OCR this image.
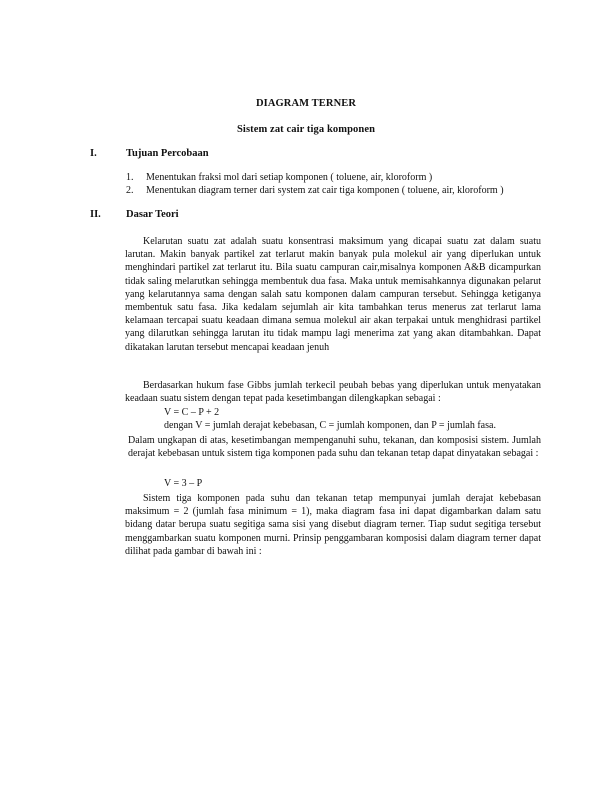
DIAGRAM TERNER
Sistem zat cair tiga komponen
I.	Tujuan Percobaan
1. Menentukan fraksi mol dari setiap komponen ( toluene, air, kloroform )
2. Menentukan diagram terner dari system zat cair tiga komponen ( toluene, air, kloroform )
II. Dasar Teori

Kelarutan suatu zat adalah suatu konsentrasi maksimum yang dicapai suatu zat dalam suatu larutan. Makin banyak partikel zat terlarut makin banyak pula molekul air yang diperlukan untuk menghindari partikel zat terlarut itu. Bila suatu campuran cair,misalnya komponen A&B dicampurkan tidak saling melarutkan sehingga membentuk dua fasa. Maka untuk memisahkannya digunakan pelarut yang kelarutannya sama dengan salah satu komponen dalam campuran tersebut. Sehingga ketiganya membentuk satu fasa. Jika kedalam sejumlah air kita tambahkan terus menerus zat terlarut lama kelamaan tercapai suatu keadaan dimana semua molekul air akan terpakai untuk menghidrasi partikel yang dilarutkan sehingga larutan itu tidak mampu lagi menerima zat yang akan ditambahkan. Dapat dikatakan larutan tersebut mencapai keadaan jenuh

Berdasarkan hukum fase Gibbs jumlah terkecil peubah bebas yang diperlukan untuk menyatakan keadaan suatu sistem dengan tepat pada kesetimbangan dilengkapkan sebagai :

V = C – P + 2
dengan V = jumlah derajat kebebasan, C = jumlah komponen, dan P = jumlah fasa.

Dalam ungkapan di atas, kesetimbangan mempenganuhi suhu, tekanan, dan komposisi sistem. Jumlah derajat kebebasan untuk sistem tiga komponen pada suhu dan tekanan tetap dapat dinyatakan sebagai :

V = 3 – P

Sistem tiga komponen pada suhu dan tekanan tetap mempunyai jumlah derajat kebebasan maksimum = 2 (jumlah fasa minimum = 1), maka diagram fasa ini dapat digambarkan dalam satu bidang datar berupa suatu segitiga sama sisi yang disebut diagram terner. Tiap sudut segitiga tersebut menggambarkan suatu komponen murni. Prinsip penggambaran komposisi dalam diagram terner dapat dilihat pada gambar di bawah ini :
